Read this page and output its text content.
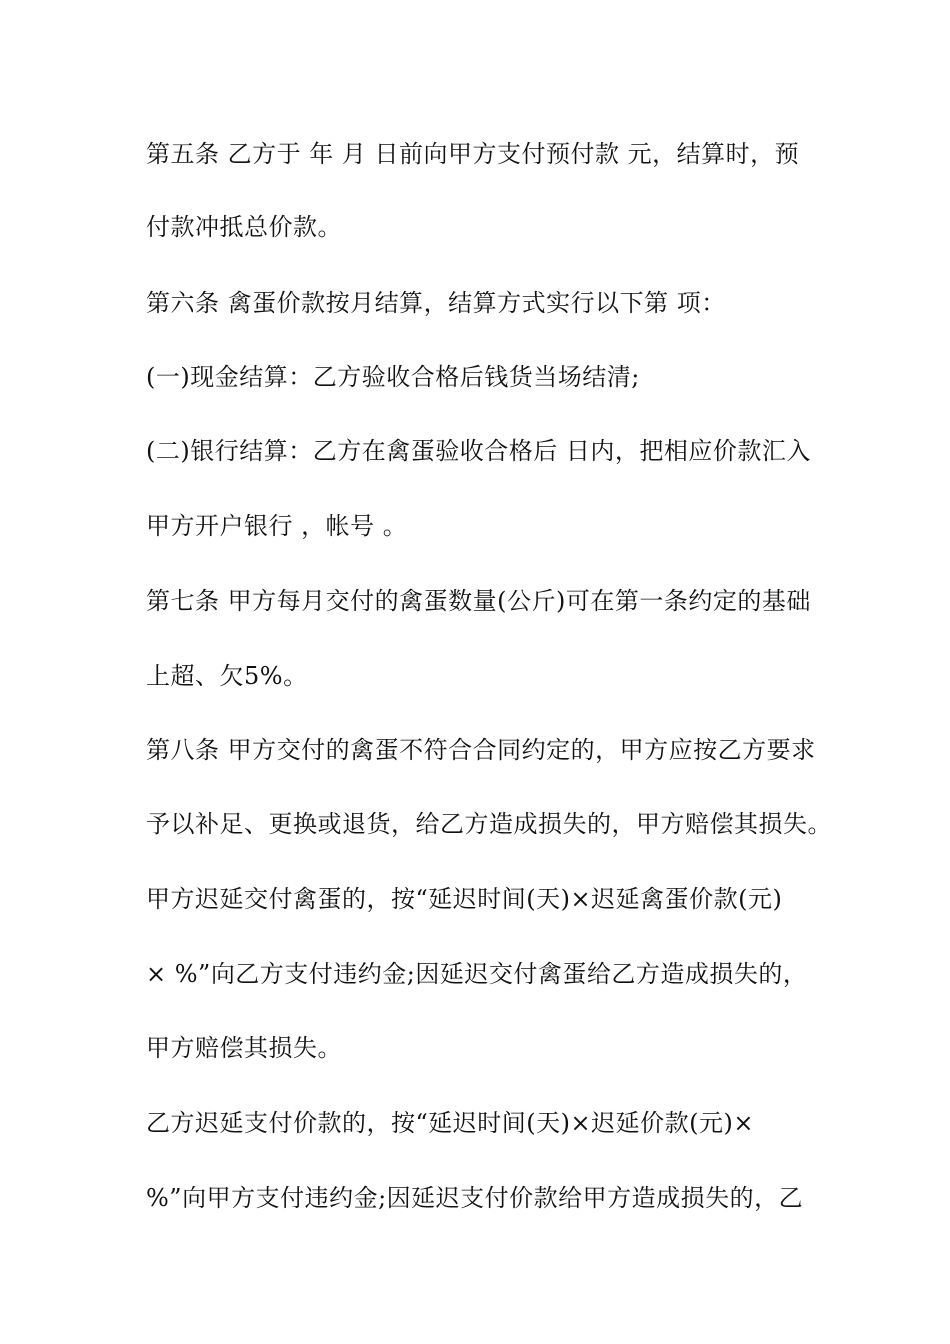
第五条 乙方于 年 月 日前向甲方支付预付款 元，结算时，预
付款冲抵总价款。
第六条 禽蛋价款按月结算，结算方式实行以下第 项：
(一)现金结算：乙方验收合格后钱货当场结清;
(二)银行结算：乙方在禽蛋验收合格后 日内，把相应价款汇入
甲方开户银行 ，帐号 。
第七条 甲方每月交付的禽蛋数量(公斤)可在第一条约定的基础
上超、欠5%。
第八条 甲方交付的禽蛋不符合合同约定的，甲方应按乙方要求
予以补足、更换或退货，给乙方造成损失的，甲方赔偿其损失。
甲方迟延交付禽蛋的，按“延迟时间(天)×迟延禽蛋价款(元)
× %”向乙方支付违约金;因延迟交付禽蛋给乙方造成损失的，
甲方赔偿其损失。
乙方迟延支付价款的，按“延迟时间(天)×迟延价款(元)×
%”向甲方支付违约金;因延迟支付价款给甲方造成损失的，乙
